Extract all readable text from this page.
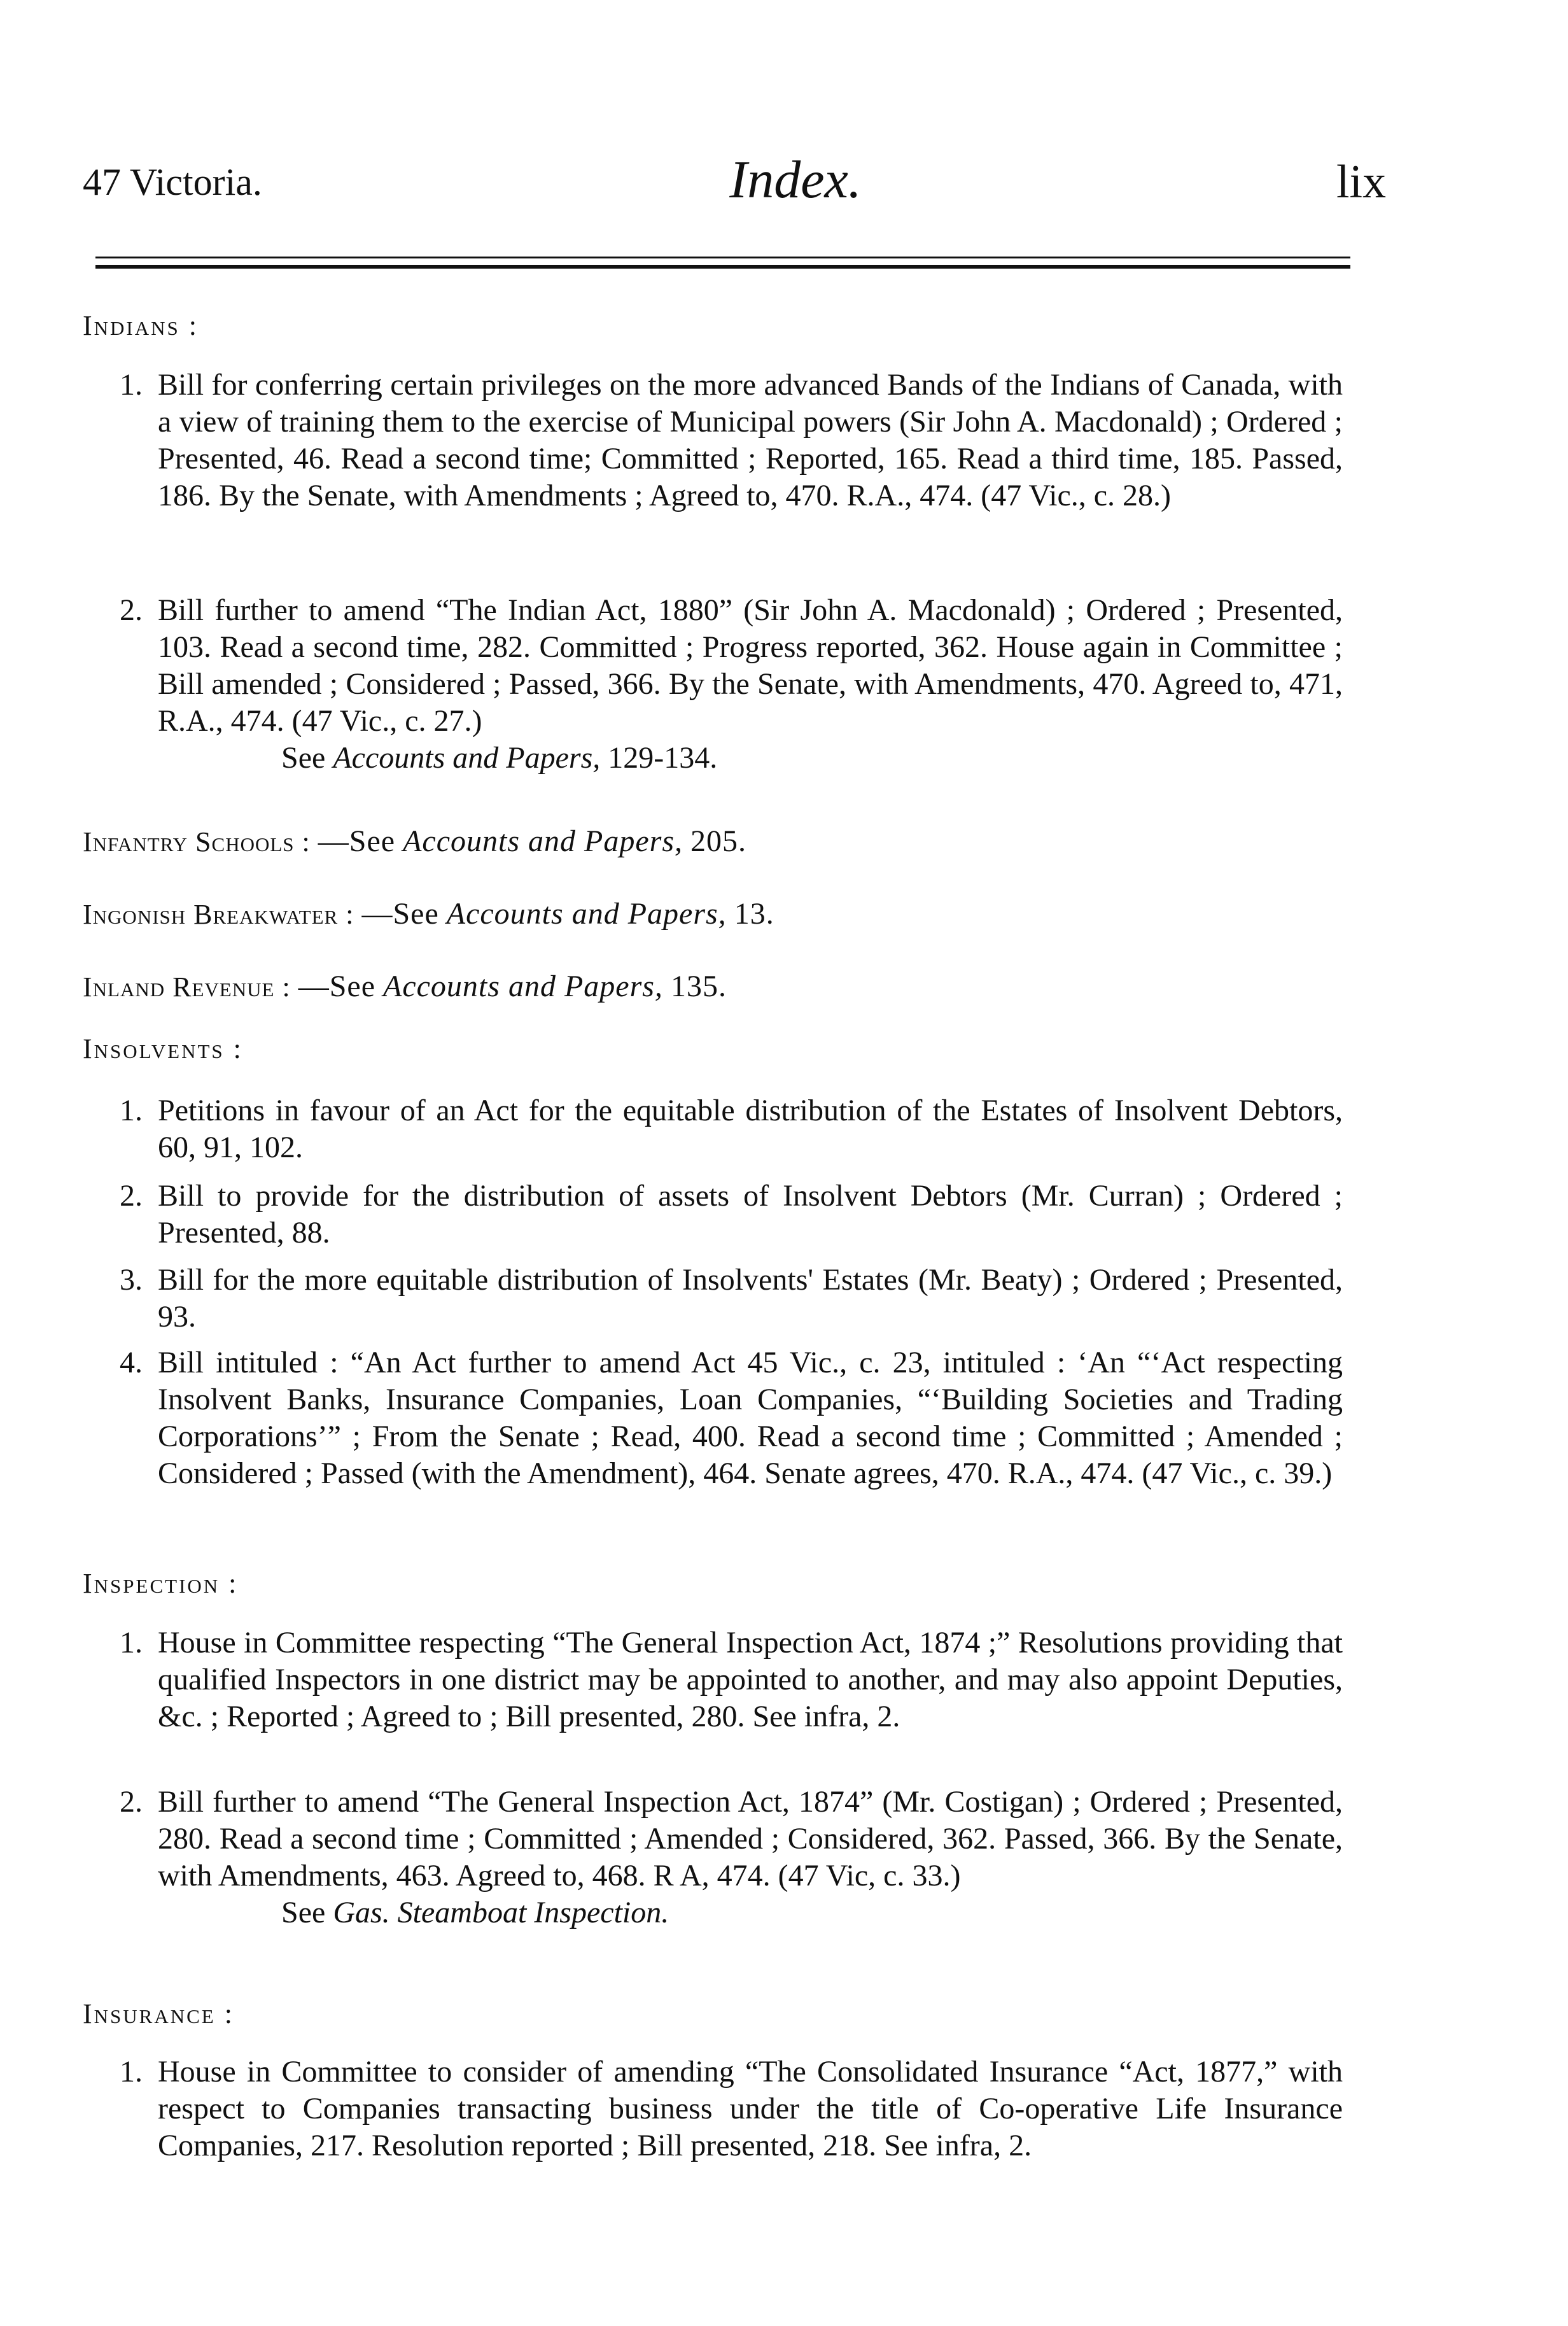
47 Victoria.	Index.	lix
Indians :
1. Bill for conferring certain privileges on the more advanced Bands of the Indians of Canada, with a view of training them to the exercise of Municipal powers (Sir John A. Macdonald) ; Ordered ; Presented, 46. Read a second time; Committed ; Reported, 165. Read a third time, 185. Passed, 186. By the Senate, with Amendments ; Agreed to, 470. R.A., 474. (47 Vic., c. 28.)
2. Bill further to amend “The Indian Act, 1880” (Sir John A. Macdonald) ; Ordered ; Presented, 103. Read a second time, 282. Committed ; Progress reported, 362. House again in Committee ; Bill amended ; Considered ; Passed, 366. By the Senate, with Amendments, 470. Agreed to, 471, R.A., 474. (47 Vic., c. 27.)
See Accounts and Papers, 129-134.
Infantry Schools : —See Accounts and Papers, 205.
Ingonish Breakwater : —See Accounts and Papers, 13.
Inland Revenue : —See Accounts and Papers, 135.
Insolvents :
1. Petitions in favour of an Act for the equitable distribution of the Estates of Insolvent Debtors, 60, 91, 102.
2. Bill to provide for the distribution of assets of Insolvent Debtors (Mr. Curran) ; Ordered ; Presented, 88.
3. Bill for the more equitable distribution of Insolvents' Estates (Mr. Beaty) ; Ordered ; Presented, 93.
4. Bill intituled : “An Act further to amend Act 45 Vic., c. 23, intituled : ‘An “‘Act respecting Insolvent Banks, Insurance Companies, Loan Companies, “‘Building Societies and Trading Corporations’” ; From the Senate ; Read, 400. Read a second time ; Committed ; Amended ; Considered ; Passed (with the Amendment), 464. Senate agrees, 470. R.A., 474. (47 Vic., c. 39.)
Inspection :
1. House in Committee respecting “The General Inspection Act, 1874 ;” Resolutions providing that qualified Inspectors in one district may be appointed to another, and may also appoint Deputies, &c. ; Reported ; Agreed to ; Bill presented, 280. See infra, 2.
2. Bill further to amend “The General Inspection Act, 1874” (Mr. Costigan) ; Ordered ; Presented, 280. Read a second time ; Committed ; Amended ; Considered, 362. Passed, 366. By the Senate, with Amendments, 463. Agreed to, 468. R A, 474. (47 Vic, c. 33.)
See Gas. Steamboat Inspection.
Insurance :
1. House in Committee to consider of amending “The Consolidated Insurance “Act, 1877,” with respect to Companies transacting business under the title of Co-operative Life Insurance Companies, 217. Resolution reported ; Bill presented, 218. See infra, 2.
